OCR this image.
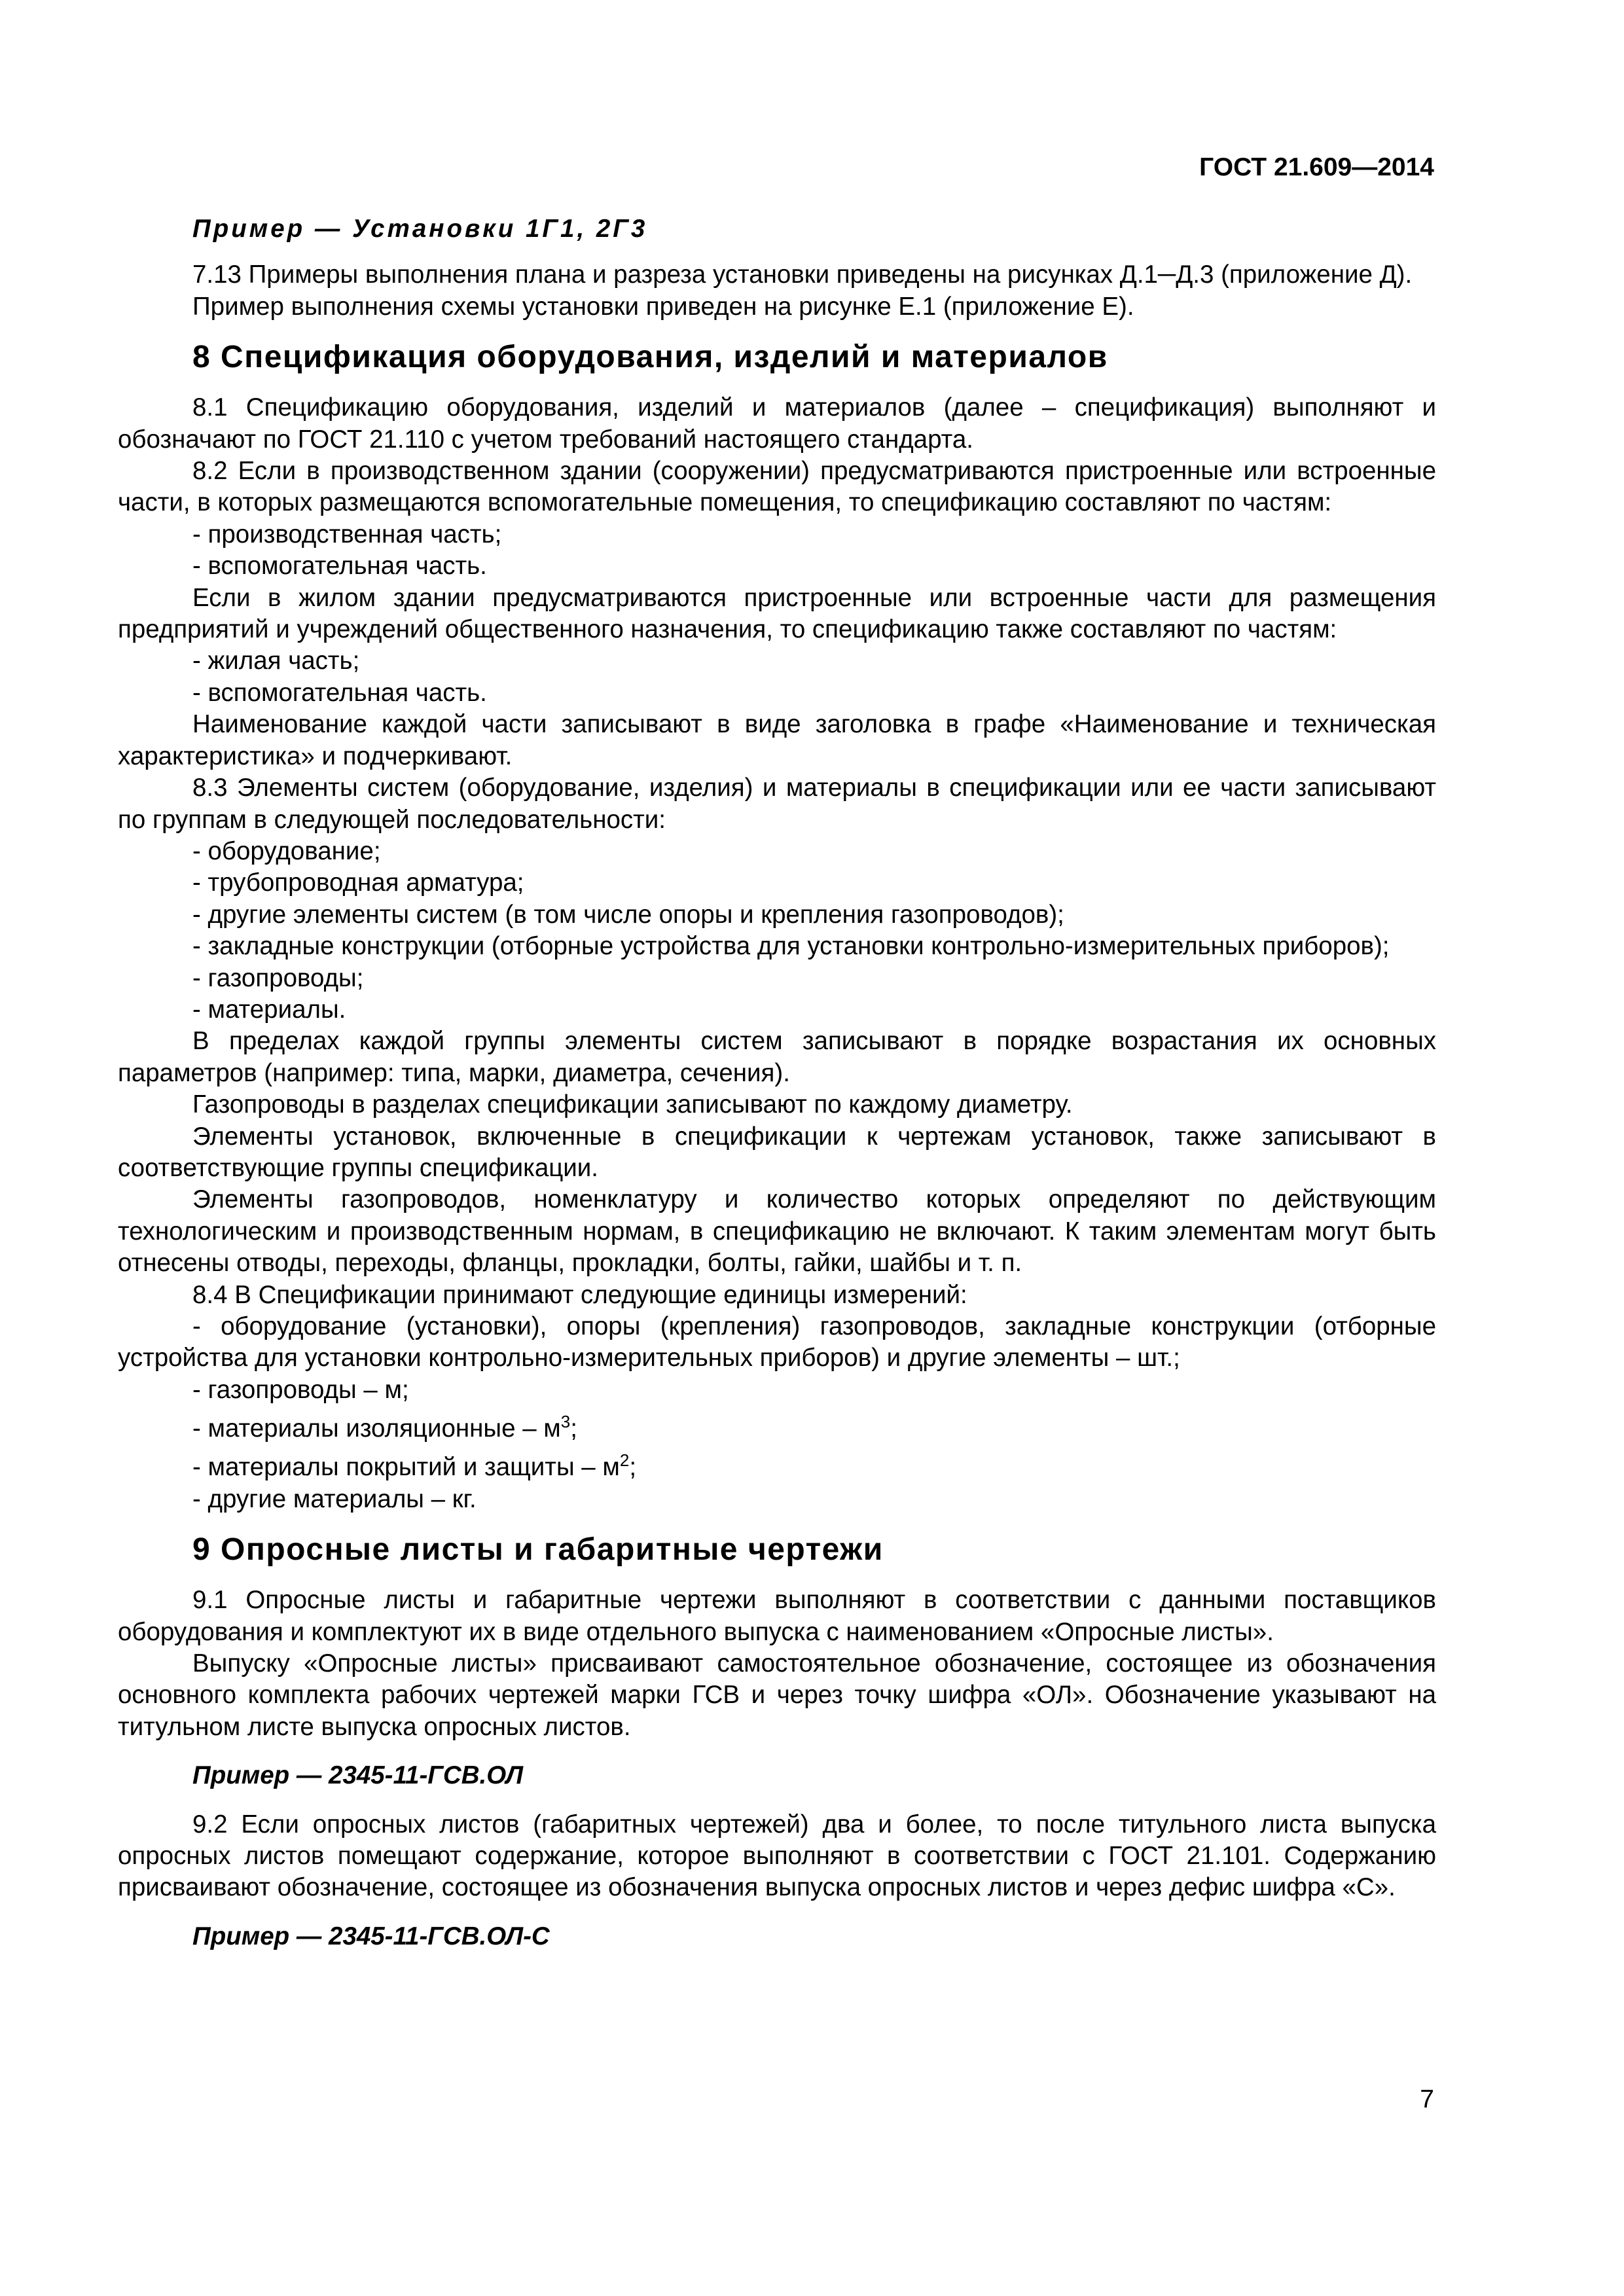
ГОСТ 21.609—2014

Пример — Установки 1Г1, 2Г3

7.13 Примеры выполнения плана и разреза установки приведены на рисунках Д.1─Д.3 (приложение Д).

Пример выполнения схемы установки приведен на рисунке Е.1 (приложение Е).

8 Спецификация оборудования, изделий и материалов

8.1 Спецификацию оборудования, изделий и материалов (далее – спецификация) выполняют и обозначают по ГОСТ 21.110 с учетом требований настоящего стандарта.

8.2 Если в производственном здании (сооружении) предусматриваются пристроенные или встроенные части, в которых размещаются вспомогательные помещения, то спецификацию составляют по частям:

- производственная часть;

- вспомогательная часть.

Если в жилом здании предусматриваются пристроенные или встроенные части для размещения предприятий и учреждений общественного назначения, то спецификацию также составляют по частям:

- жилая часть;

- вспомогательная часть.

Наименование каждой части записывают в виде заголовка в графе «Наименование и техническая характеристика» и подчеркивают.

8.3 Элементы систем (оборудование, изделия) и материалы в спецификации или ее части записывают по группам в следующей последовательности:

- оборудование;

- трубопроводная арматура;

- другие элементы систем (в том числе опоры и крепления газопроводов);

- закладные конструкции (отборные устройства для установки контрольно-измерительных приборов);

- газопроводы;

- материалы.

В пределах каждой группы элементы систем записывают в порядке возрастания их основных параметров (например: типа, марки, диаметра, сечения).

Газопроводы в разделах спецификации записывают по каждому диаметру.

Элементы установок, включенные в спецификации к чертежам установок, также записывают в соответствующие группы спецификации.

Элементы газопроводов, номенклатуру и количество которых определяют по действующим технологическим и производственным нормам, в спецификацию не включают. К таким элементам могут быть отнесены отводы, переходы, фланцы, прокладки, болты, гайки, шайбы и т. п.

8.4 В Спецификации принимают следующие единицы измерений:

- оборудование (установки), опоры (крепления) газопроводов, закладные конструкции (отборные устройства для установки контрольно-измерительных приборов) и другие элементы – шт.;

- газопроводы – м;

- материалы изоляционные – $м^3$;

- материалы покрытий и защиты – $м^2$;

- другие материалы – кг.

9 Опросные листы и габаритные чертежи

9.1 Опросные листы и габаритные чертежи выполняют в соответствии с данными поставщиков оборудования и комплектуют их в виде отдельного выпуска с наименованием «Опросные листы».

Выпуску «Опросные листы» присваивают самостоятельное обозначение, состоящее из обозначения основного комплекта рабочих чертежей марки ГСВ и через точку шифра «ОЛ». Обозначение указывают на титульном листе выпуска опросных листов.

Пример — 2345-11-ГСВ.ОЛ

9.2 Если опросных листов (габаритных чертежей) два и более, то после титульного листа выпуска опросных листов помещают содержание, которое выполняют в соответствии с ГОСТ 21.101. Содержанию присваивают обозначение, состоящее из обозначения выпуска опросных листов и через дефис шифра «С».

Пример — 2345-11-ГСВ.ОЛ-С

7
